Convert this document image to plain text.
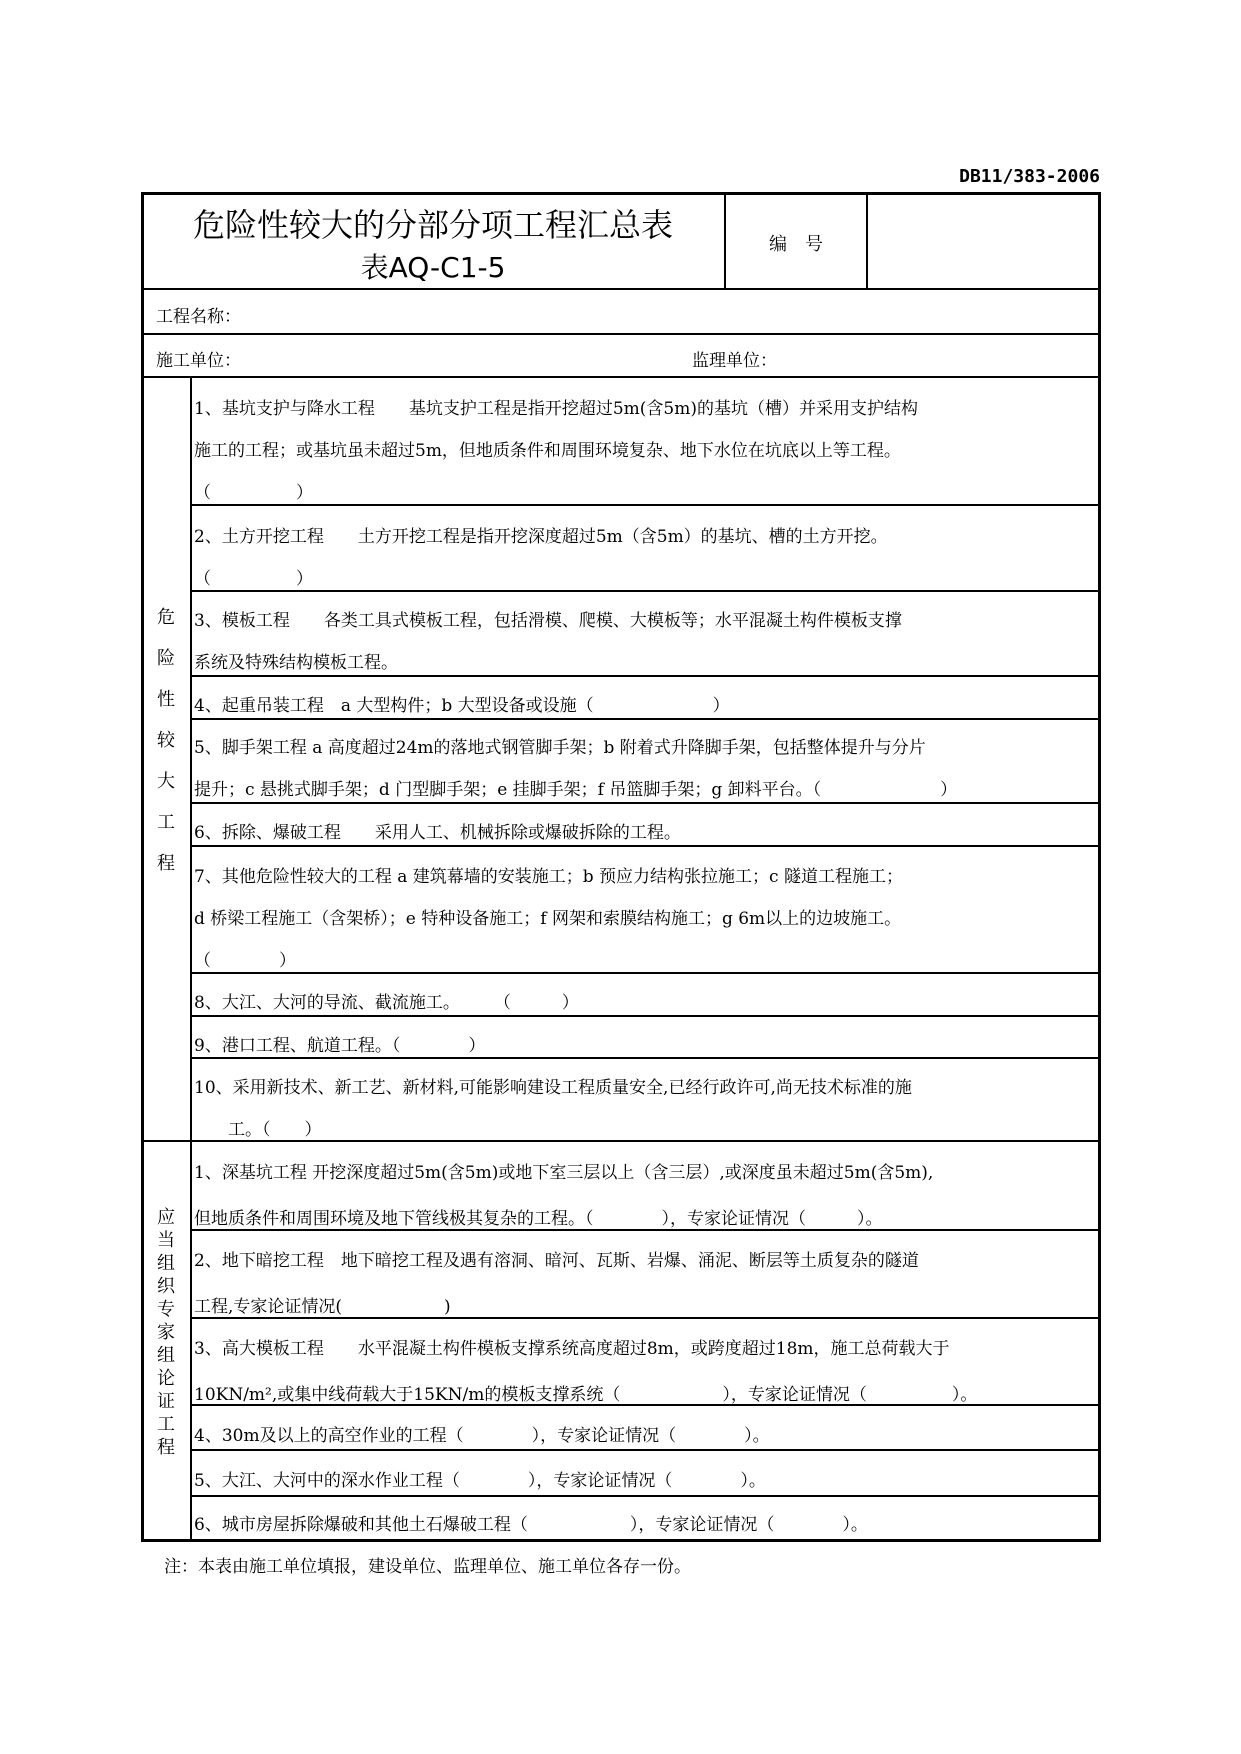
DB11/383-2006
危险性较大的分部分项工程汇总表
表AQ-C1-5
编　号
工程名称：
施工单位：	监理单位：
危
险
性
较
大
工
程
1、基坑支护与降水工程　　基坑支护工程是指开挖超过5m(含5m)的基坑（槽）并采用支护结构
施工的工程；或基坑虽未超过5m，但地质条件和周围环境复杂、地下水位在坑底以上等工程。
（　　　　　）
2、土方开挖工程　　土方开挖工程是指开挖深度超过5m（含5m）的基坑、槽的土方开挖。
（　　　　　）
3、模板工程　　各类工具式模板工程，包括滑模、爬模、大模板等；水平混凝土构件模板支撑
系统及特殊结构模板工程。
4、起重吊装工程　a 大型构件；b 大型设备或设施（　　　　　　　）
5、脚手架工程 a 高度超过24m的落地式钢管脚手架；b 附着式升降脚手架，包括整体提升与分片
提升；c 悬挑式脚手架；d 门型脚手架；e 挂脚手架；f 吊篮脚手架；g 卸料平台。（　　　　　　　）
6、拆除、爆破工程　　采用人工、机械拆除或爆破拆除的工程。
7、其他危险性较大的工程 a 建筑幕墙的安装施工；b 预应力结构张拉施工；c 隧道工程施工；
d 桥梁工程施工（含架桥）；e 特种设备施工；f 网架和索膜结构施工；g 6m以上的边坡施工。
（　　　　）
8、大江、大河的导流、截流施工。　　　（　　　）
9、港口工程、航道工程。（　　　　）
10、采用新技术、新工艺、新材料,可能影响建设工程质量安全,已经行政许可,尚无技术标准的施
　　工。（　　）
应
当
组
织
专
家
组
论
证
工
程
1、深基坑工程 开挖深度超过5m(含5m)或地下室三层以上（含三层）,或深度虽未超过5m(含5m),
但地质条件和周围环境及地下管线极其复杂的工程。（　　　　），专家论证情况（　　　）。
2、地下暗挖工程　地下暗挖工程及遇有溶洞、暗河、瓦斯、岩爆、涌泥、断层等土质复杂的隧道
工程,专家论证情况(　　　　　　)
3、高大模板工程　　水平混凝土构件模板支撑系统高度超过8m，或跨度超过18m，施工总荷载大于
10KN/m²,或集中线荷载大于15KN/m的模板支撑系统（　　　　　　），专家论证情况（　　　　　）。
4、30m及以上的高空作业的工程（　　　　），专家论证情况（　　　　）。
5、大江、大河中的深水作业工程（　　　　），专家论证情况（　　　　）。
6、城市房屋拆除爆破和其他土石爆破工程（　　　　　　），专家论证情况（　　　　）。
注：本表由施工单位填报，建设单位、监理单位、施工单位各存一份。
